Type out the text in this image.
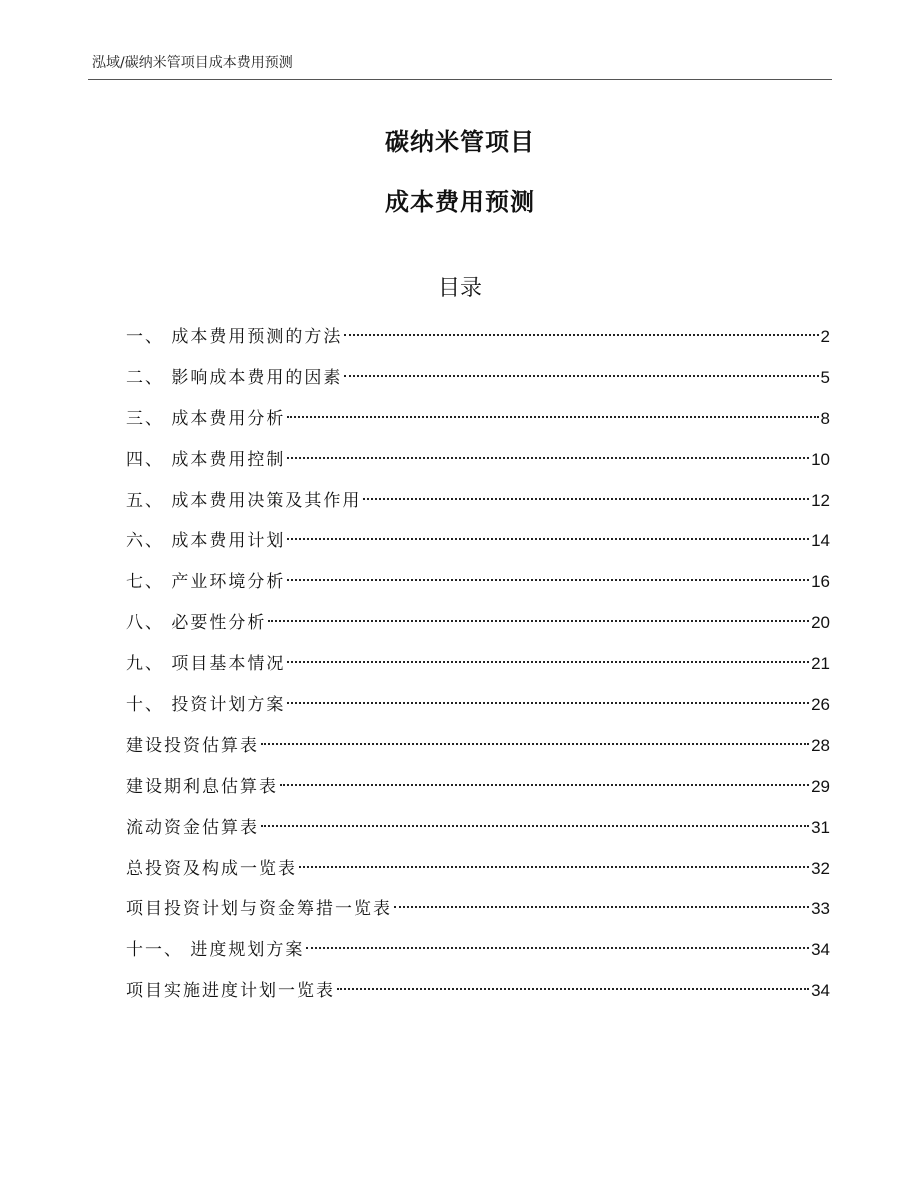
泓域/碳纳米管项目成本费用预测
碳纳米管项目
成本费用预测
目录
一、 成本费用预测的方法	2
二、 影响成本费用的因素	5
三、 成本费用分析	8
四、 成本费用控制	10
五、 成本费用决策及其作用	12
六、 成本费用计划	14
七、 产业环境分析	16
八、 必要性分析	20
九、 项目基本情况	21
十、 投资计划方案	26
建设投资估算表	28
建设期利息估算表	29
流动资金估算表	31
总投资及构成一览表	32
项目投资计划与资金筹措一览表	33
十一、 进度规划方案	34
项目实施进度计划一览表	34
